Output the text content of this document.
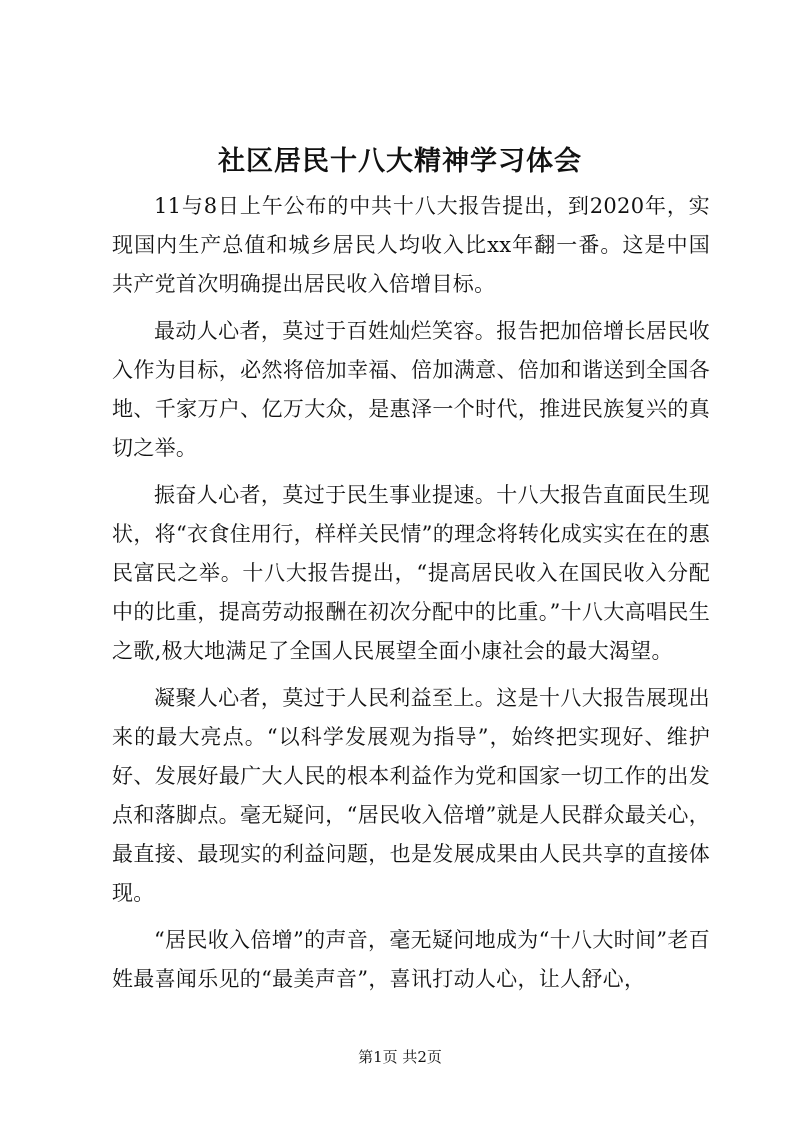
社区居民十八大精神学习体会

11与8日上午公布的中共十八大报告提出，到2020年，实现国内生产总值和城乡居民人均收入比xx年翻一番。这是中国共产党首次明确提出居民收入倍增目标。

最动人心者，莫过于百姓灿烂笑容。报告把加倍增长居民收入作为目标，必然将倍加幸福、倍加满意、倍加和谐送到全国各地、千家万户、亿万大众，是惠泽一个时代，推进民族复兴的真切之举。

振奋人心者，莫过于民生事业提速。十八大报告直面民生现状，将“衣食住用行，样样关民情”的理念将转化成实实在在的惠民富民之举。十八大报告提出，“提高居民收入在国民收入分配中的比重，提高劳动报酬在初次分配中的比重。”十八大高唱民生之歌,极大地满足了全国人民展望全面小康社会的最大渴望。

凝聚人心者，莫过于人民利益至上。这是十八大报告展现出来的最大亮点。“以科学发展观为指导”，始终把实现好、维护好、发展好最广大人民的根本利益作为党和国家一切工作的出发点和落脚点。毫无疑问，“居民收入倍增”就是人民群众最关心，最直接、最现实的利益问题，也是发展成果由人民共享的直接体现。

“居民收入倍增”的声音，毫无疑问地成为“十八大时间”老百姓最喜闻乐见的“最美声音”，喜讯打动人心，让人舒心，

第1页 共2页
